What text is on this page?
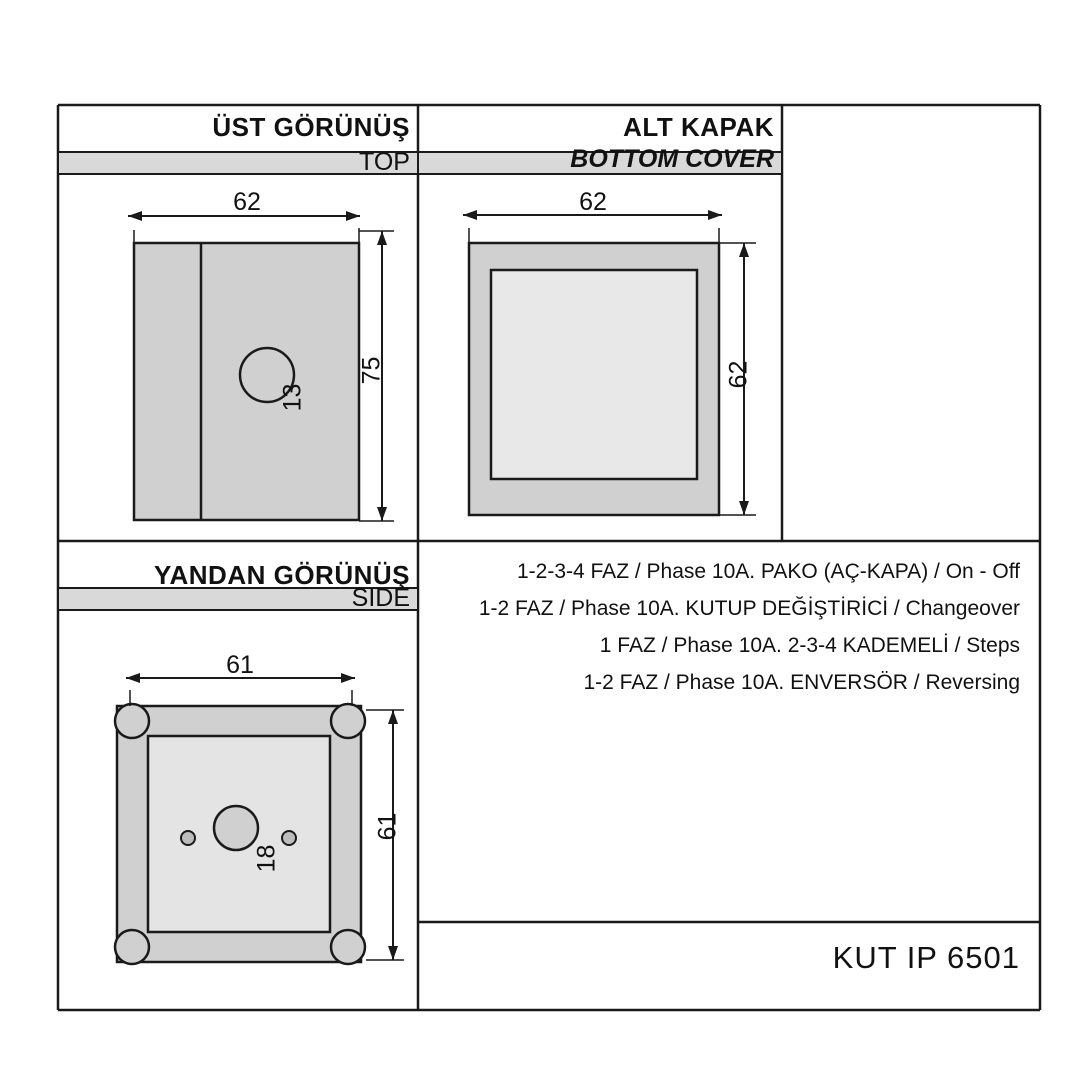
ÜST GÖRÜNÜŞ
TOP
ALT KAPAK
BOTTOM COVER
YANDAN GÖRÜNÜŞ
SIDE
62
75
13
62
62
61
61
18
1-2-3-4 FAZ / Phase 10A. PAKO (AÇ-KAPA) / On - Off
1-2 FAZ / Phase 10A. KUTUP DEĞİŞTİRİCİ / Changeover
1 FAZ / Phase 10A. 2-3-4 KADEMELİ / Steps
1-2 FAZ / Phase 10A. ENVERSÖR / Reversing
KUT IP 6501
